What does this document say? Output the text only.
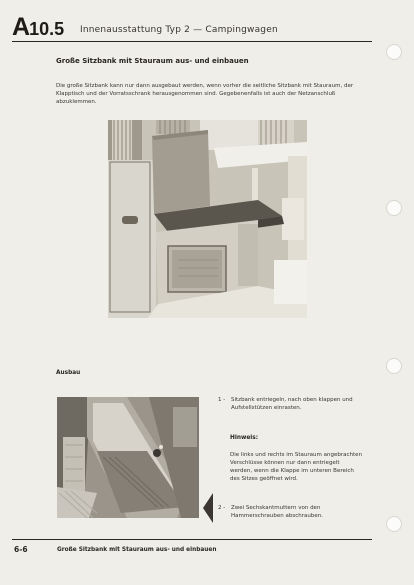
A10.5 Innenausstattung Typ 2 — Campingwagen
Große Sitzbank mit Stauraum aus- und einbauen
Die große Sitzbank kann nur dann ausgebaut werden, wenn vorher die seitliche Sitzbank mit Stauraum, der Klapptisch und der Vorratsschrank herausgenommen sind. Gegebenenfalls ist auch der Netzanschluß abzuklemmen.
Ausbau
1 - Sitzbank entriegeln, nach oben klappen und Aufstellstützen einrasten.
Hinweis:
Die links und rechts im Stauraum angebrachten Verschlüsse können nur dann entriegelt werden, wenn die Klappe im unteren Bereich des Sitzes geöffnet wird.
2 - Zwei Sechskantmuttern von den Hammerschrauben abschrauben.
6-6	Große Sitzbank mit Stauraum aus- und einbauen
